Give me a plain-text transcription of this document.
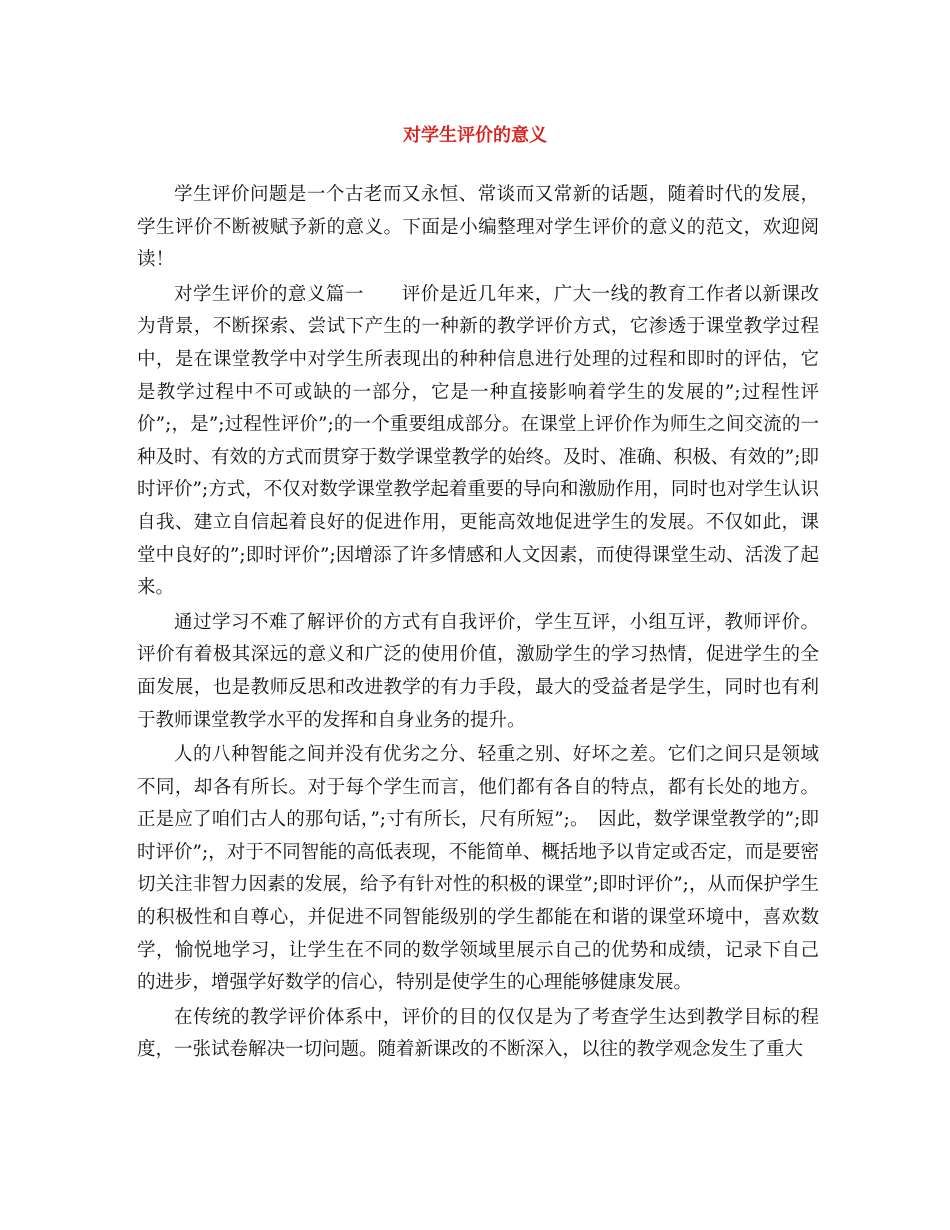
对学生评价的意义

学生评价问题是一个古老而又永恒、常谈而又常新的话题，随着时代的发展，学生评价不断被赋予新的意义。下面是小编整理对学生评价的意义的范文，欢迎阅读！

对学生评价的意义篇一　　评价是近几年来，广大一线的教育工作者以新课改为背景，不断探索、尝试下产生的一种新的教学评价方式，它渗透于课堂教学过程中，是在课堂教学中对学生所表现出的种种信息进行处理的过程和即时的评估，它是教学过程中不可或缺的一部分，它是一种直接影响着学生的发展的”;过程性评价”;，是”;过程性评价”;的一个重要组成部分。在课堂上评价作为师生之间交流的一种及时、有效的方式而贯穿于数学课堂教学的始终。及时、准确、积极、有效的”;即时评价”;方式，不仅对数学课堂教学起着重要的导向和激励作用，同时也对学生认识自我、建立自信起着良好的促进作用，更能高效地促进学生的发展。不仅如此，课堂中良好的”;即时评价”;因增添了许多情感和人文因素，而使得课堂生动、活泼了起来。

通过学习不难了解评价的方式有自我评价，学生互评，小组互评，教师评价。评价有着极其深远的意义和广泛的使用价值，激励学生的学习热情，促进学生的全面发展，也是教师反思和改进教学的有力手段，最大的受益者是学生，同时也有利于教师课堂教学水平的发挥和自身业务的提升。

人的八种智能之间并没有优劣之分、轻重之别、好坏之差。它们之间只是领域不同，却各有所长。对于每个学生而言，他们都有各自的特点，都有长处的地方。正是应了咱们古人的那句话，”;寸有所长，尺有所短”;。　因此，数学课堂教学的”;即时评价”;，对于不同智能的高低表现，不能简单、概括地予以肯定或否定，而是要密切关注非智力因素的发展，给予有针对性的积极的课堂”;即时评价”;，从而保护学生的积极性和自尊心，并促进不同智能级别的学生都能在和谐的课堂环境中，喜欢数学，愉悦地学习，让学生在不同的数学领域里展示自己的优势和成绩，记录下自己的进步，增强学好数学的信心，特别是使学生的心理能够健康发展。

在传统的教学评价体系中，评价的目的仅仅是为了考查学生达到教学目标的程度，一张试卷解决一切问题。随着新课改的不断深入，以往的教学观念发生了重大
